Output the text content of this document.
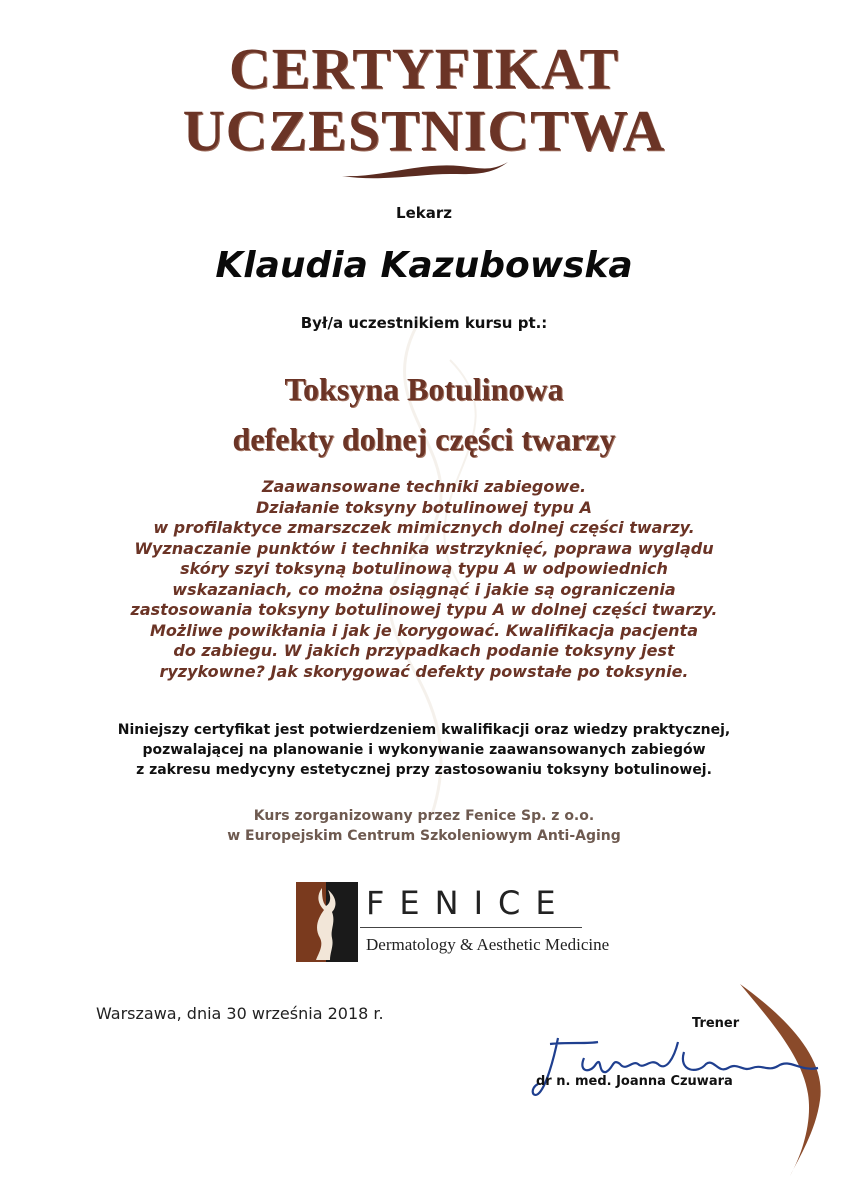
CERTYFIKAT
UCZESTNICTWA
Lekarz
Klaudia Kazubowska
Był/a uczestnikiem kursu pt.:
Toksyna Botulinowa
defekty dolnej części twarzy
Zaawansowane techniki zabiegowe.
Działanie toksyny botulinowej typu A
w profilaktyce zmarszczek mimicznych dolnej części twarzy.
Wyznaczanie punktów i technika wstrzyknięć, poprawa wyglądu
skóry szyi toksyną botulinową typu A w odpowiednich
wskazaniach, co można osiągnąć i jakie są ograniczenia
zastosowania toksyny botulinowej typu A w dolnej części twarzy.
Możliwe powikłania i jak je korygować. Kwalifikacja pacjenta
do zabiegu. W jakich przypadkach podanie toksyny jest
ryzykowne? Jak skorygować defekty powstałe po toksynie.
Niniejszy certyfikat jest potwierdzeniem kwalifikacji oraz wiedzy praktycznej,
pozwalającej na planowanie i wykonywanie zaawansowanych zabiegów
z zakresu medycyny estetycznej przy zastosowaniu toksyny botulinowej.
Kurs zorganizowany przez Fenice Sp. z o.o.
w Europejskim Centrum Szkoleniowym Anti-Aging
FENICE
Dermatology & Aesthetic Medicine
Warszawa, dnia 30 września 2018 r.
Trener
dr n. med. Joanna Czuwara
